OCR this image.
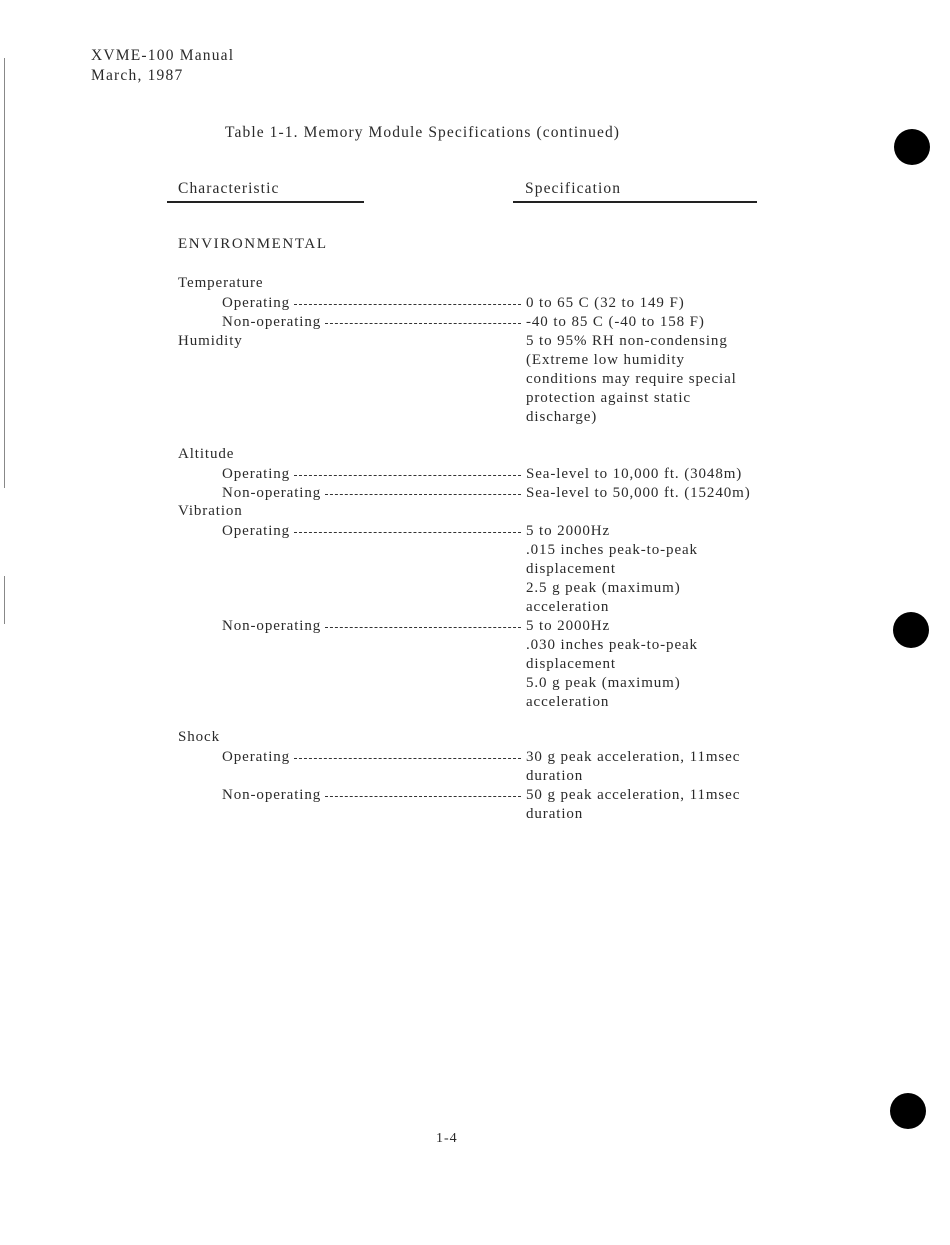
XVME-100 Manual
March, 1987
Table 1-1. Memory Module Specifications (continued)
Characteristic	Specification
ENVIRONMENTAL
Temperature
Operating	0 to 65 C (32 to 149 F)
Non-operating	-40 to 85 C (-40 to 158 F)
Humidity	5 to 95% RH non-condensing
(Extreme low humidity
conditions may require special
protection against static
discharge)
Altitude
Operating	Sea-level to 10,000 ft. (3048m)
Non-operating	Sea-level to 50,000 ft. (15240m)
Vibration
Operating	5 to 2000Hz
.015 inches peak-to-peak
displacement
2.5 g peak (maximum)
acceleration
Non-operating	5 to 2000Hz
.030 inches peak-to-peak
displacement
5.0 g peak (maximum)
acceleration
Shock
Operating	30 g peak acceleration, 11msec
duration
Non-operating	50 g peak acceleration, 11msec
duration
1-4
